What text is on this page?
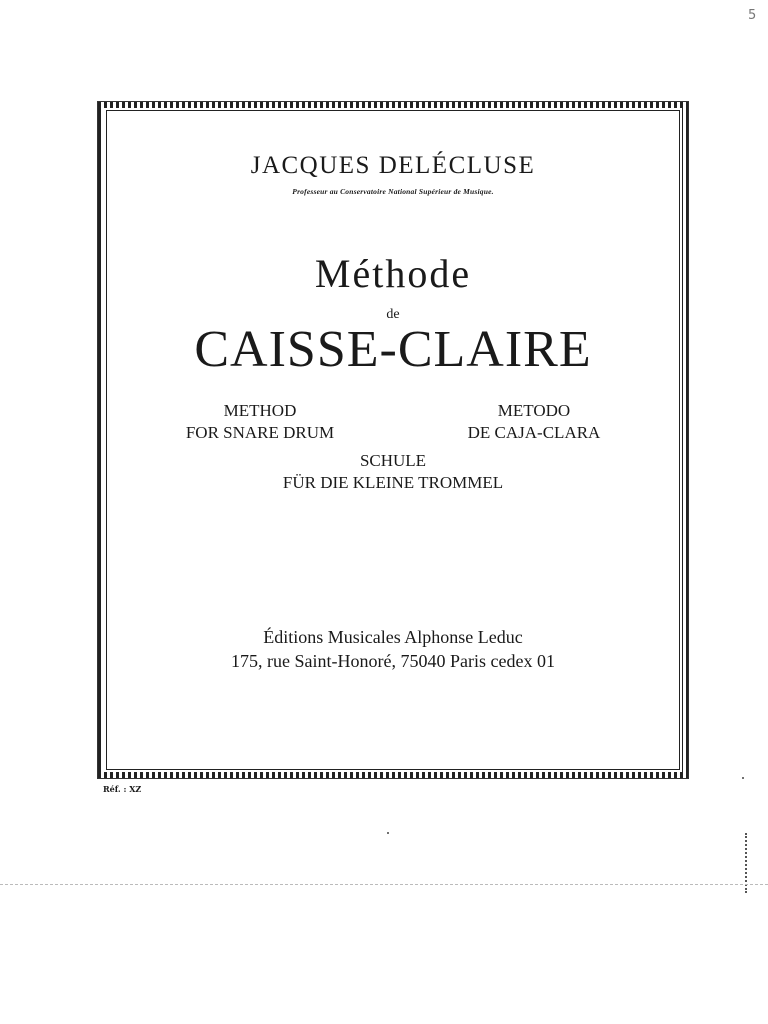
5
JACQUES DELÉCLUSE
Professeur au Conservatoire National Supérieur de Musique.
Méthode
de
CAISSE-CLAIRE
METHOD
FOR SNARE DRUM
METODO
DE CAJA-CLARA
SCHULE
FÜR DIE KLEINE TROMMEL
Éditions Musicales Alphonse Leduc
175, rue Saint-Honoré, 75040 Paris cedex 01
Réf. : XZ
